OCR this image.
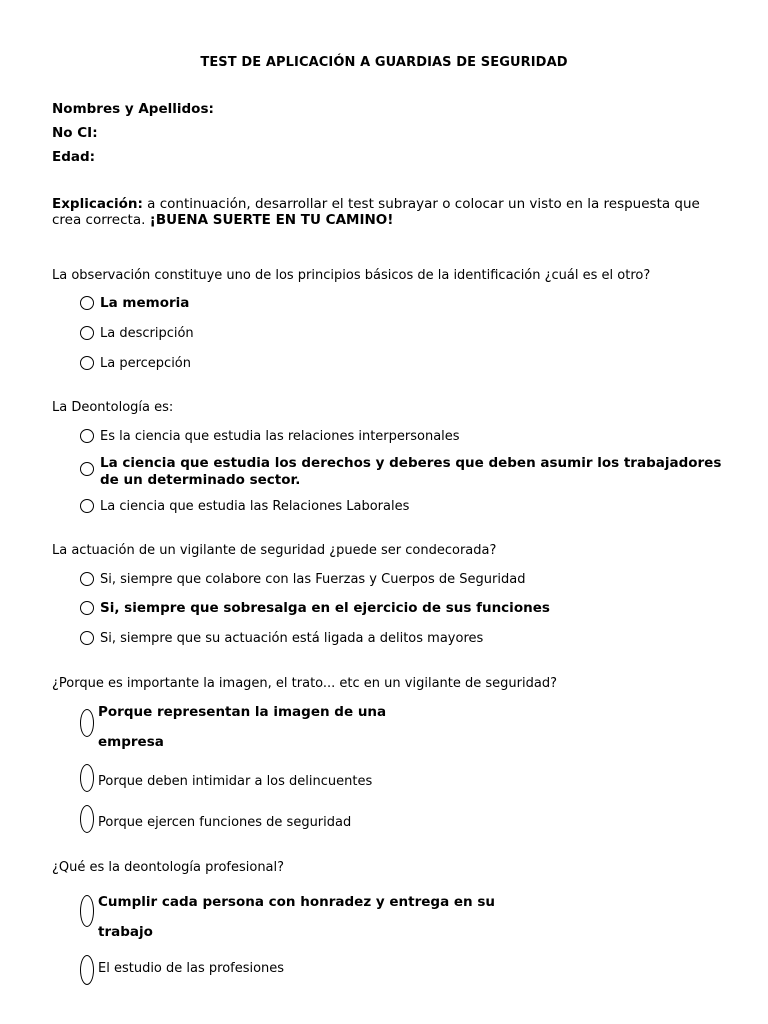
TEST DE APLICACIÓN A GUARDIAS DE SEGURIDAD
Nombres y Apellidos:
No CI:
Edad:
Explicación: a continuación, desarrollar el test subrayar o colocar un visto en la respuesta que crea correcta. ¡BUENA SUERTE EN TU CAMINO!
La observación constituye uno de los principios básicos de la identificación ¿cuál es el otro?
La memoria
La descripción
La percepción
La Deontología es:
Es la ciencia que estudia las relaciones interpersonales
La ciencia que estudia los derechos y deberes que deben asumir los trabajadores de un determinado sector.
La ciencia que estudia las Relaciones Laborales
La actuación de un vigilante de seguridad ¿puede ser condecorada?
Si, siempre que colabore con las Fuerzas y Cuerpos de Seguridad
Si, siempre que sobresalga en el ejercicio de sus funciones
Si, siempre que su actuación está ligada a delitos mayores
¿Porque es importante la imagen, el trato... etc en un vigilante de seguridad?
Porque representan la imagen de una empresa
Porque deben intimidar a los delincuentes
Porque ejercen funciones de seguridad
¿Qué es la deontología profesional?
Cumplir cada persona con honradez y entrega en su trabajo
El estudio de las profesiones
